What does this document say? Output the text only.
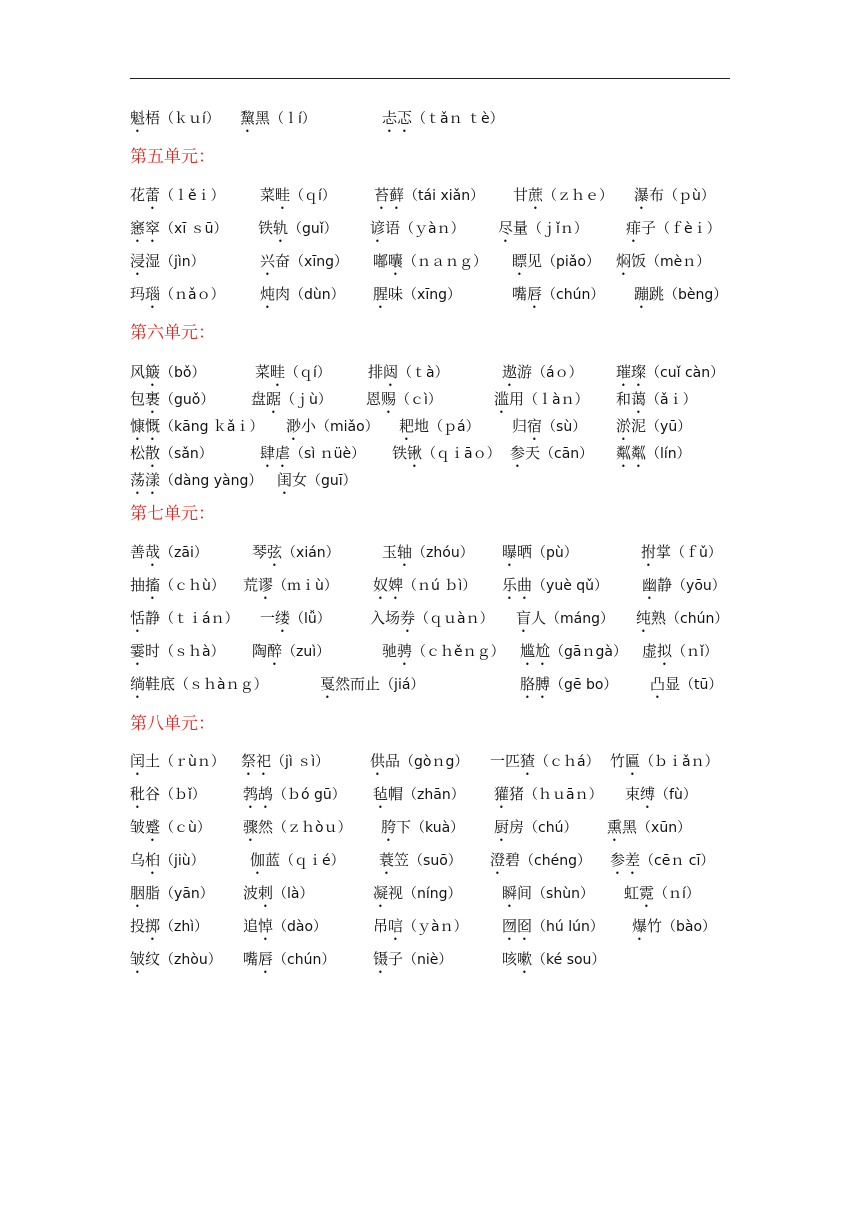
魁梧（ｋｕí） 黧黑（ｌí）	忐忑（ｔǎｎ ｔè）
第五单元：
花蕾（ｌěｉ） 菜畦（ｑí）	苔藓（tái xiǎn） 甘蔗（ｚｈｅ） 瀑布（ｐù）
窸窣（xī ｓū） 铁轨（guǐ） 谚语（ｙàｎ） 尽量（ｊǐｎ）	痱子（ｆèｉ）
浸湿（jìn）	兴奋（xīng） 嘟囔（ｎａｎｇ） 瞟见（piǎo） 焖饭（mèｎ）
玛瑙（ｎǎｏ） 炖肉（dùn） 腥味（xīng）	嘴唇（chún） 蹦跳（bèng）
第六单元：
风簸（bǒ）	菜畦（ｑí） 排闼（ｔà）	遨游（áｏ） 璀璨（cuǐ càn）
包裹（guǒ） 盘踞（ｊù） 恩赐（ｃì）	滥用（ｌàｎ） 和蔼（ǎｉ）
慷慨（kāng ｋǎｉ） 渺小（miǎo） 耙地（ｐá） 归宿（sù） 淤泥（yū）
松散（sǎn）	肆虐（sì ｎüè） 铁锹（ｑｉāｏ） 参天（cān） 粼粼（lín）
荡漾（dàng yàng） 闺女（guī）
第七单元：
善哉（zāi）	琴弦（xián）	玉轴（zhóu） 曝晒（pù）	拊掌（ｆǔ）
抽搐（ｃｈù） 荒谬（ｍｉù） 奴婢（ｎú ｂì） 乐曲（yuè qǔ） 幽静（yōu）
恬静（ｔｉáｎ） 一缕（lǚ）	入场券（ｑｕàｎ） 盲人（máng） 纯熟（chún）
霎时（ｓｈà） 陶醉（zuì）	驰骋（ｃｈěｎｇ） 尴尬（gāｎgà） 虚拟（ｎǐ）
绱鞋底（ｓｈàｎｇ）	戛然而止（jiá）	胳膊（gē bo） 凸显（tū）
第八单元：
闰土（ｒùｎ） 祭祀（jì ｓì）	供品（gòｎg） 一匹猹（ｃｈá） 竹匾（ｂｉǎｎ）
秕谷（ｂǐ） 鹁鸪（ｂó gū） 毡帽（zhān） 獾猪（ｈｕāｎ） 束缚（fù）
皱蹙（ｃù） 骤然（ｚｈòｕ） 胯下（kuà） 厨房（chú） 熏黑（xūn）
乌桕（jiù）	伽蓝（ｑｉé） 蓑笠（suō） 澄碧（chéng） 参差（cēｎ cī）
胭脂（yān） 波剌（là）	凝视（níng）	瞬间（shùn） 虹霓（ｎí）
投掷（zhì） 追悼（dào）	吊唁（ｙàｎ） 囫囵（hú lún） 爆竹（bào）
皱纹（zhòu） 嘴唇（chún）	镊子（niè）	咳嗽（ké sou）
